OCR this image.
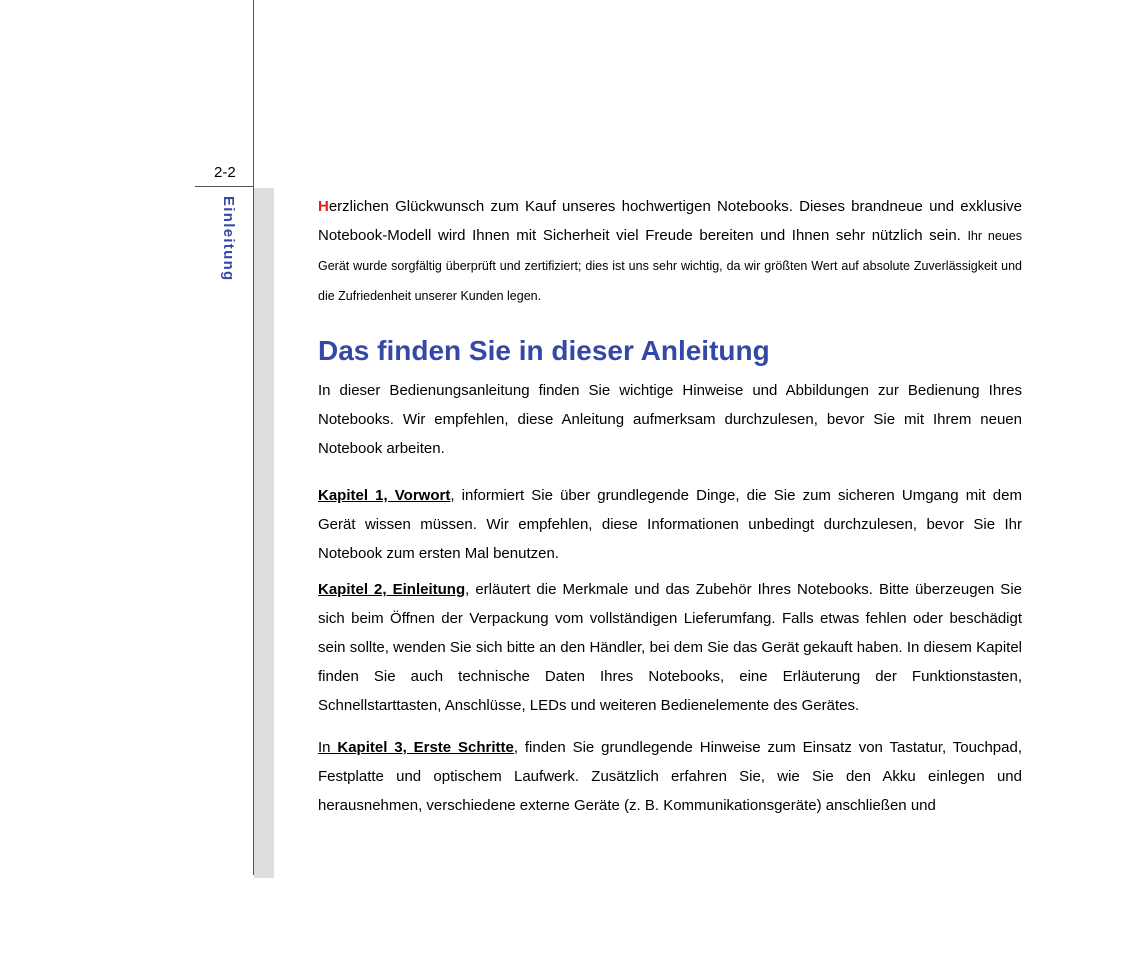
2-2
Einleitung	Herzlichen Glückwunsch zum Kauf unseres hochwertigen Notebooks. Dieses brandneue und exklusive Notebook-Modell wird Ihnen mit Sicherheit viel Freude bereiten und Ihnen sehr nützlich sein. Ihr neues Gerät wurde sorgfältig überprüft und zertifiziert; dies ist uns sehr wichtig, da wir größten Wert auf absolute Zuverlässigkeit und die Zufriedenheit unserer Kunden legen.

Das finden Sie in dieser Anleitung

In dieser Bedienungsanleitung finden Sie wichtige Hinweise und Abbildungen zur Bedienung Ihres Notebooks. Wir empfehlen, diese Anleitung aufmerksam durchzulesen, bevor Sie mit Ihrem neuen Notebook arbeiten.

Kapitel 1, Vorwort, informiert Sie über grundlegende Dinge, die Sie zum sicheren Umgang mit dem Gerät wissen müssen. Wir empfehlen, diese Informationen unbedingt durchzulesen, bevor Sie Ihr Notebook zum ersten Mal benutzen.

Kapitel 2, Einleitung, erläutert die Merkmale und das Zubehör Ihres Notebooks. Bitte überzeugen Sie sich beim Öffnen der Verpackung vom vollständigen Lieferumfang. Falls etwas fehlen oder beschädigt sein sollte, wenden Sie sich bitte an den Händler, bei dem Sie das Gerät gekauft haben. In diesem Kapitel finden Sie auch technische Daten Ihres Notebooks, eine Erläuterung der Funktionstasten, Schnellstarttasten, Anschlüsse, LEDs und weiteren Bedienelemente des Gerätes.

In Kapitel 3, Erste Schritte, finden Sie grundlegende Hinweise zum Einsatz von Tastatur, Touchpad, Festplatte und optischem Laufwerk. Zusätzlich erfahren Sie, wie Sie den Akku einlegen und herausnehmen, verschiedene externe Geräte (z. B. Kommunikationsgeräte) anschließen und
